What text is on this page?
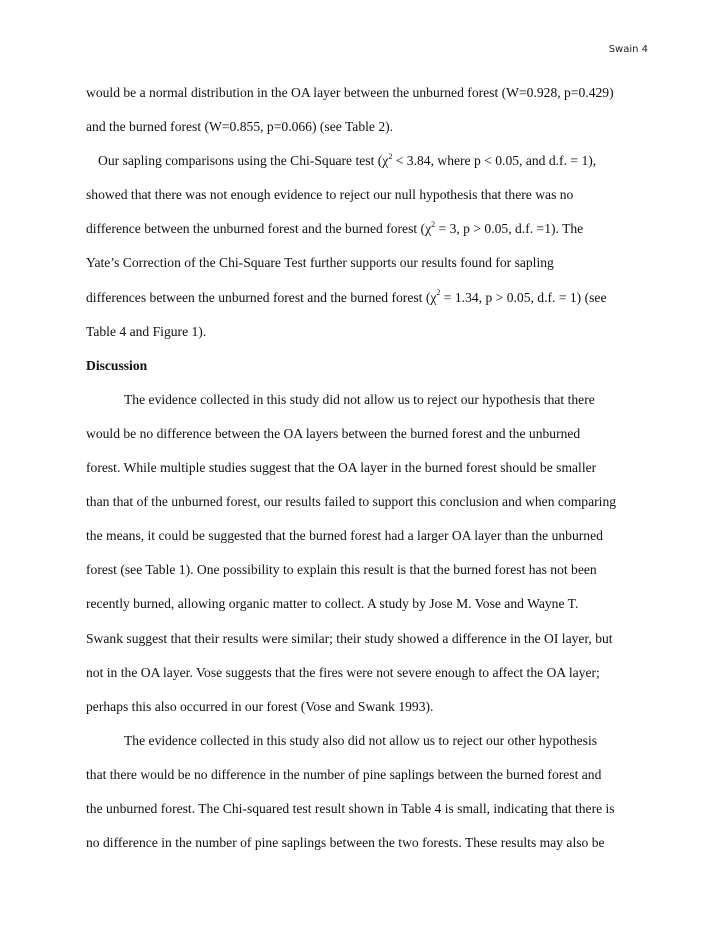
Swain 4
would be a normal distribution in the OA layer between the unburned forest (W=0.928, p=0.429)
and the burned forest (W=0.855, p=0.066) (see Table 2).
Our sapling comparisons using the Chi-Square test ($\chi^2 < 3.84$, where p < 0.05, and d.f. = 1),
showed that there was not enough evidence to reject our null hypothesis that there was no
difference between the unburned forest and the burned forest ($\chi^2 = 3$, p > 0.05, d.f. =1). The
Yate’s Correction of the Chi-Square Test further supports our results found for sapling
differences between the unburned forest and the burned forest ($\chi^2 = 1.34$, p > 0.05, d.f. = 1) (see
Table 4 and Figure 1).
Discussion
The evidence collected in this study did not allow us to reject our hypothesis that there
would be no difference between the OA layers between the burned forest and the unburned
forest. While multiple studies suggest that the OA layer in the burned forest should be smaller
than that of the unburned forest, our results failed to support this conclusion and when comparing
the means, it could be suggested that the burned forest had a larger OA layer than the unburned
forest (see Table 1). One possibility to explain this result is that the burned forest has not been
recently burned, allowing organic matter to collect. A study by Jose M. Vose and Wayne T.
Swank suggest that their results were similar; their study showed a difference in the OI layer, but
not in the OA layer. Vose suggests that the fires were not severe enough to affect the OA layer;
perhaps this also occurred in our forest (Vose and Swank 1993).
The evidence collected in this study also did not allow us to reject our other hypothesis
that there would be no difference in the number of pine saplings between the burned forest and
the unburned forest. The Chi-squared test result shown in Table 4 is small, indicating that there is
no difference in the number of pine saplings between the two forests. These results may also be
